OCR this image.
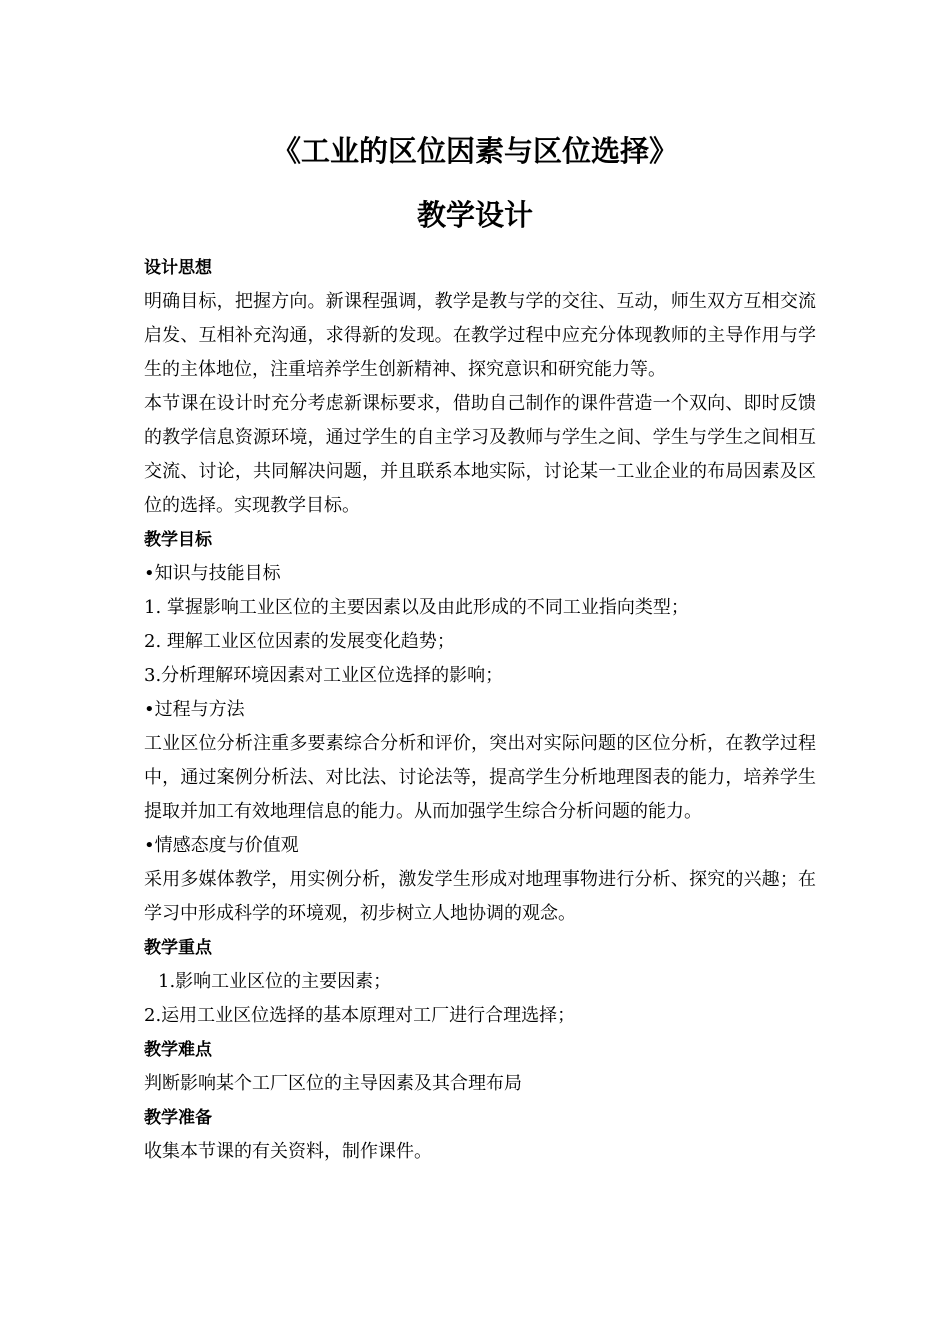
《工业的区位因素与区位选择》
教学设计
设计思想
明确目标，把握方向。新课程强调，教学是教与学的交往、互动，师生双方互相交流启发、互相补充沟通，求得新的发现。在教学过程中应充分体现教师的主导作用与学生的主体地位，注重培养学生创新精神、探究意识和研究能力等。
本节课在设计时充分考虑新课标要求，借助自己制作的课件营造一个双向、即时反馈的教学信息资源环境，通过学生的自主学习及教师与学生之间、学生与学生之间相互交流、讨论，共同解决问题，并且联系本地实际，讨论某一工业企业的布局因素及区位的选择。实现教学目标。
教学目标
•知识与技能目标
1. 掌握影响工业区位的主要因素以及由此形成的不同工业指向类型；
2. 理解工业区位因素的发展变化趋势；
3.分析理解环境因素对工业区位选择的影响；
•过程与方法
工业区位分析注重多要素综合分析和评价，突出对实际问题的区位分析，在教学过程中，通过案例分析法、对比法、讨论法等，提高学生分析地理图表的能力，培养学生提取并加工有效地理信息的能力。从而加强学生综合分析问题的能力。
•情感态度与价值观
采用多媒体教学，用实例分析，激发学生形成对地理事物进行分析、探究的兴趣；在学习中形成科学的环境观，初步树立人地协调的观念。
教学重点
1.影响工业区位的主要因素；
2.运用工业区位选择的基本原理对工厂进行合理选择；
教学难点
判断影响某个工厂区位的主导因素及其合理布局
教学准备
收集本节课的有关资料，制作课件。
